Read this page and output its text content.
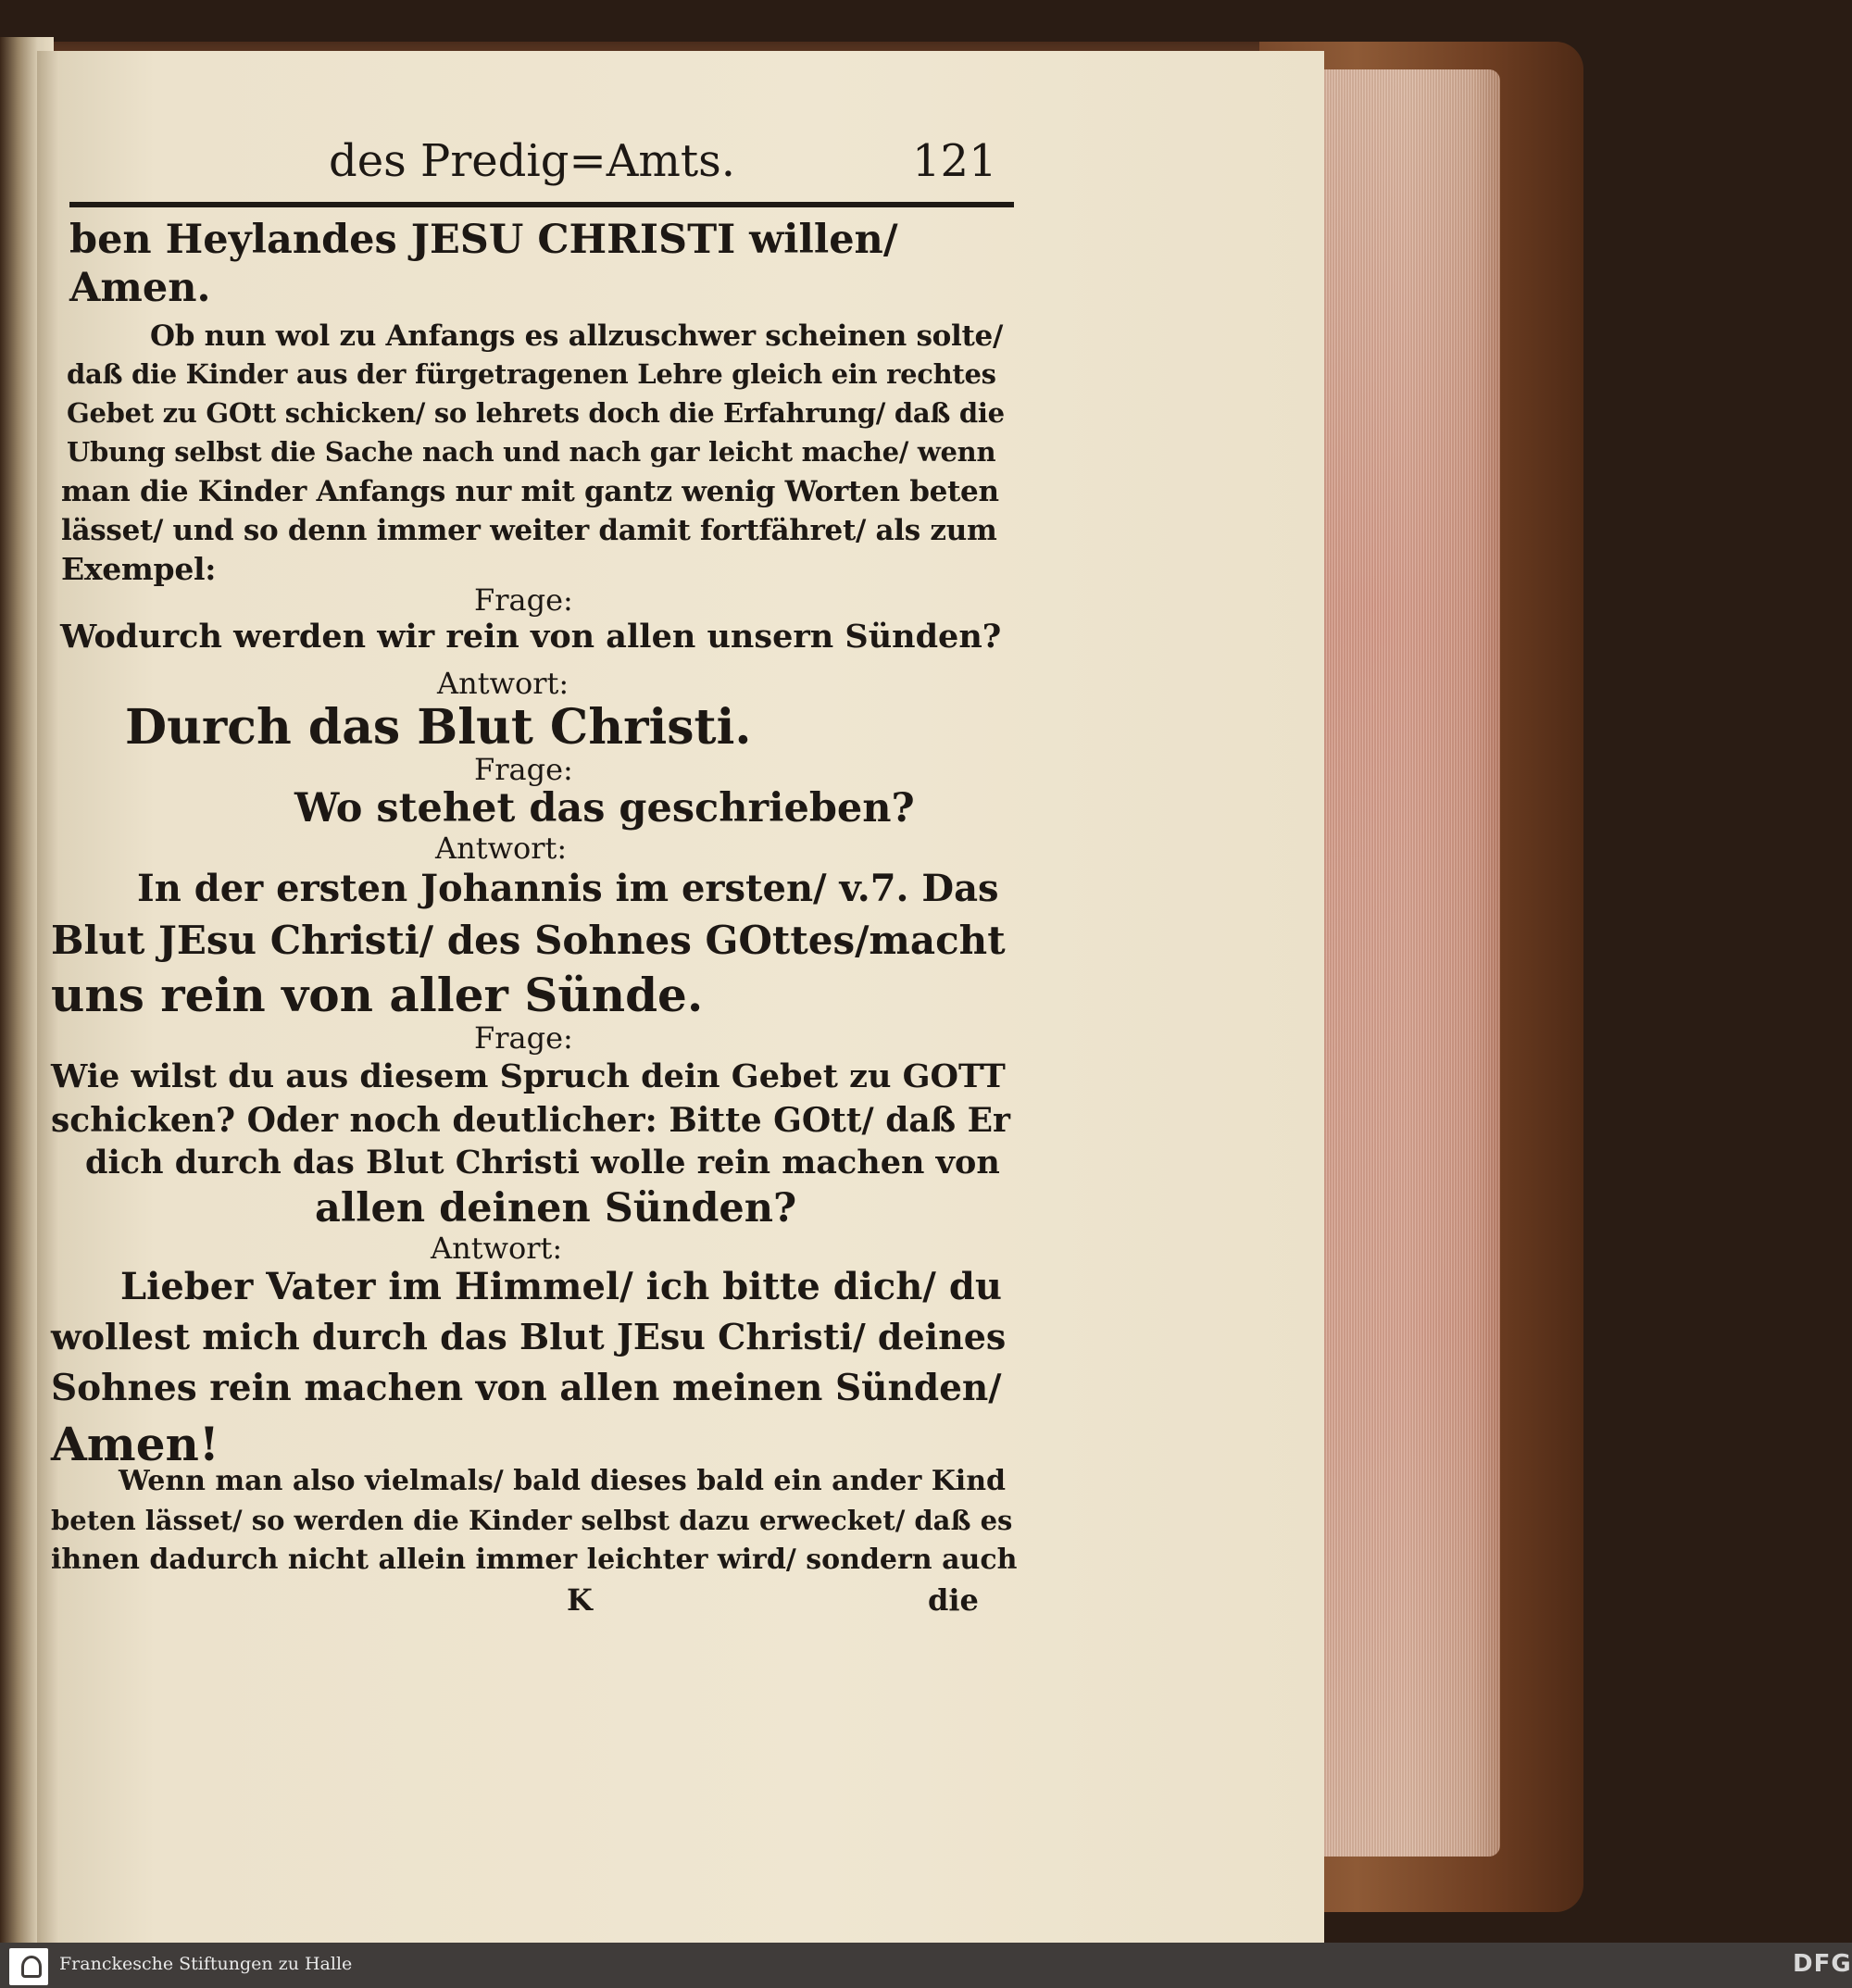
des Predig=Amts.	121

ben Heylandes JESU CHRISTI willen/

Amen.

Ob nun wol zu Anfangs es allzuschwer scheinen solte/

daß die Kinder aus der fürgetragenen Lehre gleich ein rechtes

Gebet zu GOtt schicken/ so lehrets doch die Erfahrung/ daß die

Ubung selbst die Sache nach und nach gar leicht mache/ wenn

man die Kinder Anfangs nur mit gantz wenig Worten beten

lässet/ und so denn immer weiter damit fortfähret/ als zum

Exempel:

Frage:

Wodurch werden wir rein von allen unsern Sünden?

Antwort:

Durch das Blut Christi.

Frage:

Wo stehet das geschrieben?

Antwort:

In der ersten Johannis im ersten/ v.7. Das

Blut JEsu Christi/ des Sohnes GOttes/macht

uns rein von aller Sünde.

Frage:

Wie wilst du aus diesem Spruch dein Gebet zu GOTT

schicken? Oder noch deutlicher: Bitte GOtt/ daß Er

dich durch das Blut Christi wolle rein machen von

allen deinen Sünden?

Antwort:

Lieber Vater im Himmel/ ich bitte dich/ du

wollest mich durch das Blut JEsu Christi/ deines

Sohnes rein machen von allen meinen Sünden/

Amen!

Wenn man also vielmals/ bald dieses bald ein ander Kind

beten lässet/ so werden die Kinder selbst dazu erwecket/ daß es

ihnen dadurch nicht allein immer leichter wird/ sondern auch

K	die

Franckesche Stiftungen zu Halle	DFG
